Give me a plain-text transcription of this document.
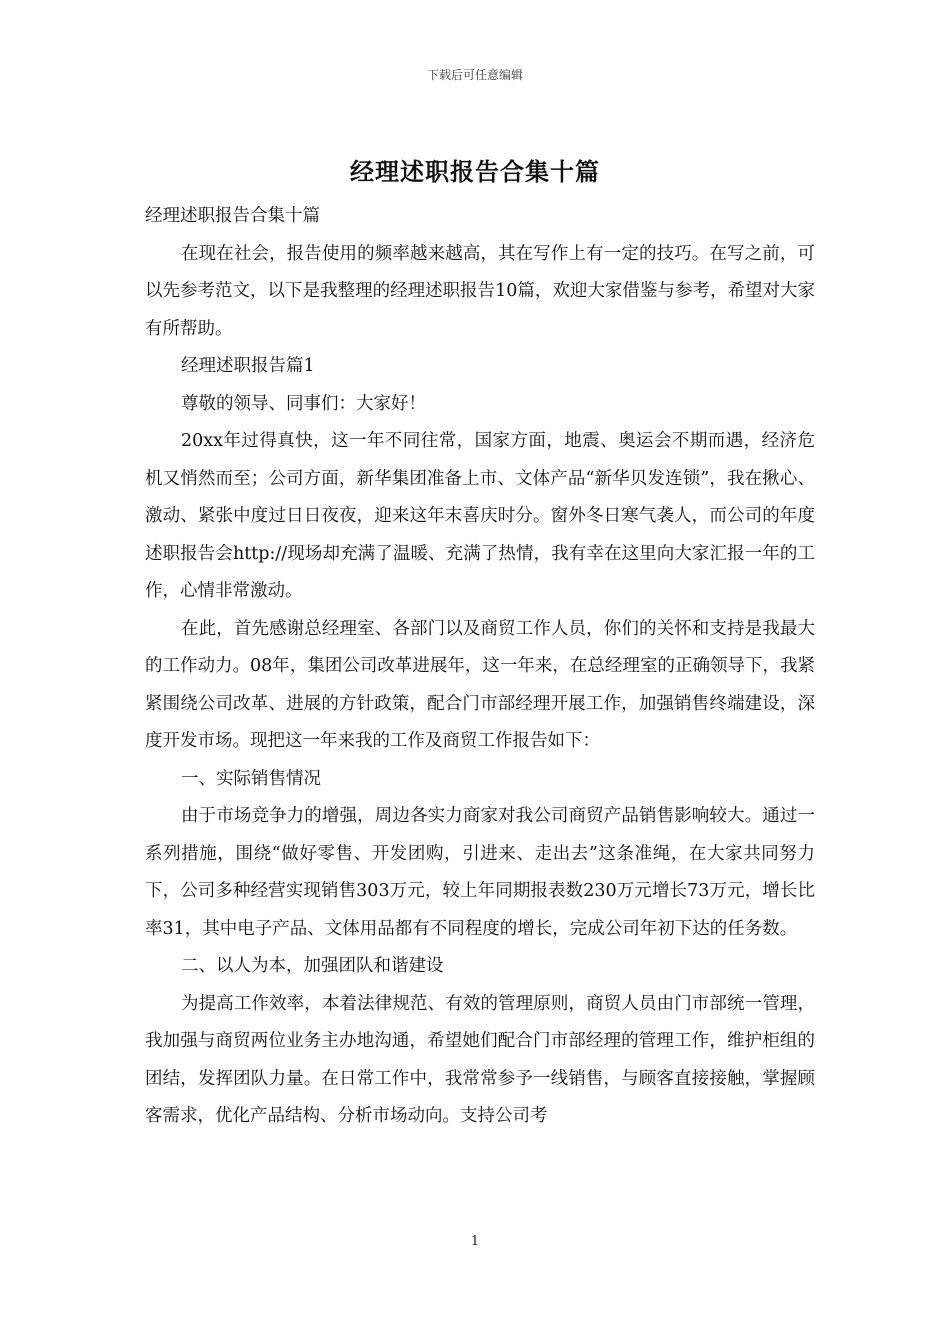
下载后可任意编辑
经理述职报告合集十篇

经理述职报告合集十篇

在现在社会，报告使用的频率越来越高，其在写作上有一定的技巧。在写之前，可以先参考范文，以下是我整理的经理述职报告10篇，欢迎大家借鉴与参考，希望对大家有所帮助。

经理述职报告篇1

尊敬的领导、同事们：大家好！

20xx年过得真快，这一年不同往常，国家方面，地震、奥运会不期而遇，经济危机又悄然而至；公司方面，新华集团准备上市、文体产品“新华贝发连锁”，我在揪心、激动、紧张中度过日日夜夜，迎来这年末喜庆时分。窗外冬日寒气袭人，而公司的年度述职报告会http://现场却充满了温暖、充满了热情，我有幸在这里向大家汇报一年的工作，心情非常激动。

在此，首先感谢总经理室、各部门以及商贸工作人员，你们的关怀和支持是我最大的工作动力。08年，集团公司改革进展年，这一年来，在总经理室的正确领导下，我紧紧围绕公司改革、进展的方针政策，配合门市部经理开展工作，加强销售终端建设，深度开发市场。现把这一年来我的工作及商贸工作报告如下：

一、实际销售情况

由于市场竞争力的增强，周边各实力商家对我公司商贸产品销售影响较大。通过一系列措施，围绕“做好零售、开发团购，引进来、走出去”这条准绳，在大家共同努力下，公司多种经营实现销售303万元，较上年同期报表数230万元增长73万元，增长比率31，其中电子产品、文体用品都有不同程度的增长，完成公司年初下达的任务数。

二、以人为本，加强团队和谐建设

为提高工作效率，本着法律规范、有效的管理原则，商贸人员由门市部统一管理，我加强与商贸两位业务主办地沟通，希望她们配合门市部经理的管理工作，维护柜组的团结，发挥团队力量。在日常工作中，我常常参予一线销售，与顾客直接接触，掌握顾客需求，优化产品结构、分析市场动向。支持公司考

1
